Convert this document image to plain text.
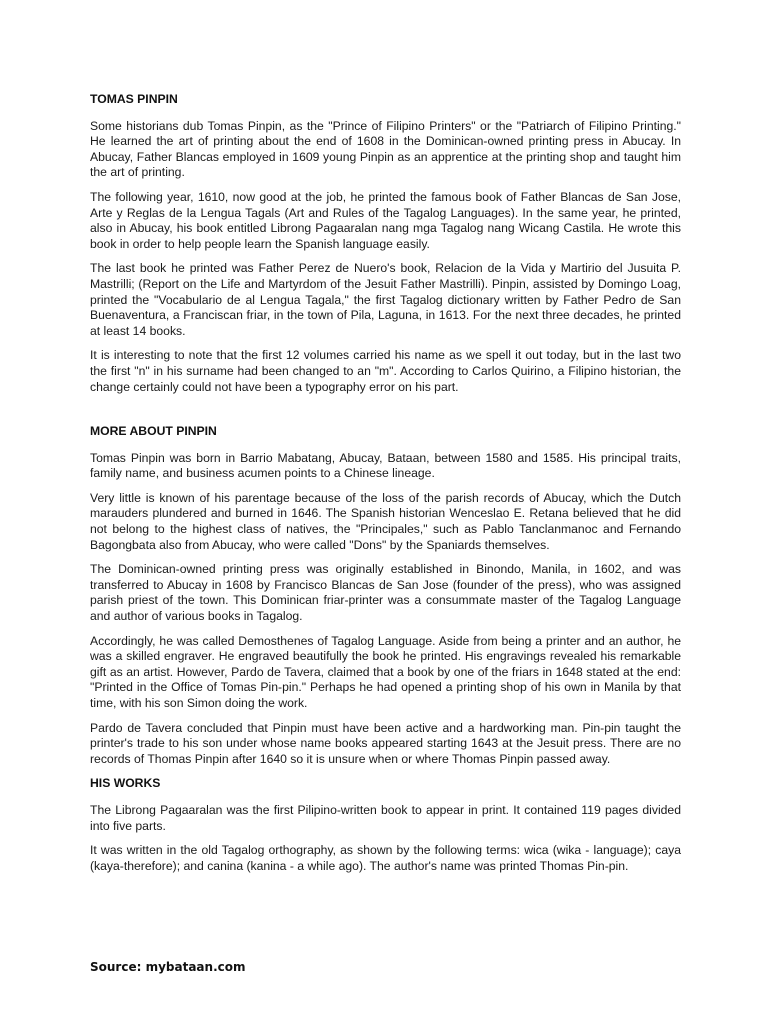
TOMAS PINPIN

Some historians dub Tomas Pinpin, as the "Prince of Filipino Printers" or the "Patriarch of Filipino Printing." He learned the art of printing about the end of 1608 in the Dominican-owned printing press in Abucay. In Abucay, Father Blancas employed in 1609 young Pinpin as an apprentice at the printing shop and taught him the art of printing.

The following year, 1610, now good at the job, he printed the famous book of Father Blancas de San Jose, Arte y Reglas de la Lengua Tagals (Art and Rules of the Tagalog Languages). In the same year, he printed, also in Abucay, his book entitled Librong Pagaaralan nang mga Tagalog nang Wicang Castila. He wrote this book in order to help people learn the Spanish language easily.

The last book he printed was Father Perez de Nuero's book, Relacion de la Vida y Martirio del Jusuita P. Mastrilli; (Report on the Life and Martyrdom of the Jesuit Father Mastrilli). Pinpin, assisted by Domingo Loag, printed the "Vocabulario de al Lengua Tagala," the first Tagalog dictionary written by Father Pedro de San Buenaventura, a Franciscan friar, in the town of Pila, Laguna, in 1613. For the next three decades, he printed at least 14 books.

It is interesting to note that the first 12 volumes carried his name as we spell it out today, but in the last two the first "n" in his surname had been changed to an "m". According to Carlos Quirino, a Filipino historian, the change certainly could not have been a typography error on his part.

MORE ABOUT PINPIN

Tomas Pinpin was born in Barrio Mabatang, Abucay, Bataan, between 1580 and 1585. His principal traits, family name, and business acumen points to a Chinese lineage.

Very little is known of his parentage because of the loss of the parish records of Abucay, which the Dutch marauders plundered and burned in 1646. The Spanish historian Wenceslao E. Retana believed that he did not belong to the highest class of natives, the "Principales," such as Pablo Tanclanmanoc and Fernando Bagongbata also from Abucay, who were called "Dons" by the Spaniards themselves.

The Dominican-owned printing press was originally established in Binondo, Manila, in 1602, and was transferred to Abucay in 1608 by Francisco Blancas de San Jose (founder of the press), who was assigned parish priest of the town. This Dominican friar-printer was a consummate master of the Tagalog Language and author of various books in Tagalog.

Accordingly, he was called Demosthenes of Tagalog Language. Aside from being a printer and an author, he was a skilled engraver. He engraved beautifully the book he printed. His engravings revealed his remarkable gift as an artist. However, Pardo de Tavera, claimed that a book by one of the friars in 1648 stated at the end: "Printed in the Office of Tomas Pin-pin." Perhaps he had opened a printing shop of his own in Manila by that time, with his son Simon doing the work.

Pardo de Tavera concluded that Pinpin must have been active and a hardworking man. Pin-pin taught the printer's trade to his son under whose name books appeared starting 1643 at the Jesuit press. There are no records of Thomas Pinpin after 1640 so it is unsure when or where Thomas Pinpin passed away.

HIS WORKS

The Librong Pagaaralan was the first Pilipino-written book to appear in print. It contained 119 pages divided into five parts.

It was written in the old Tagalog orthography, as shown by the following terms: wica (wika - language); caya (kaya-therefore); and canina (kanina - a while ago). The author's name was printed Thomas Pin-pin.

Source: mybataan.com
